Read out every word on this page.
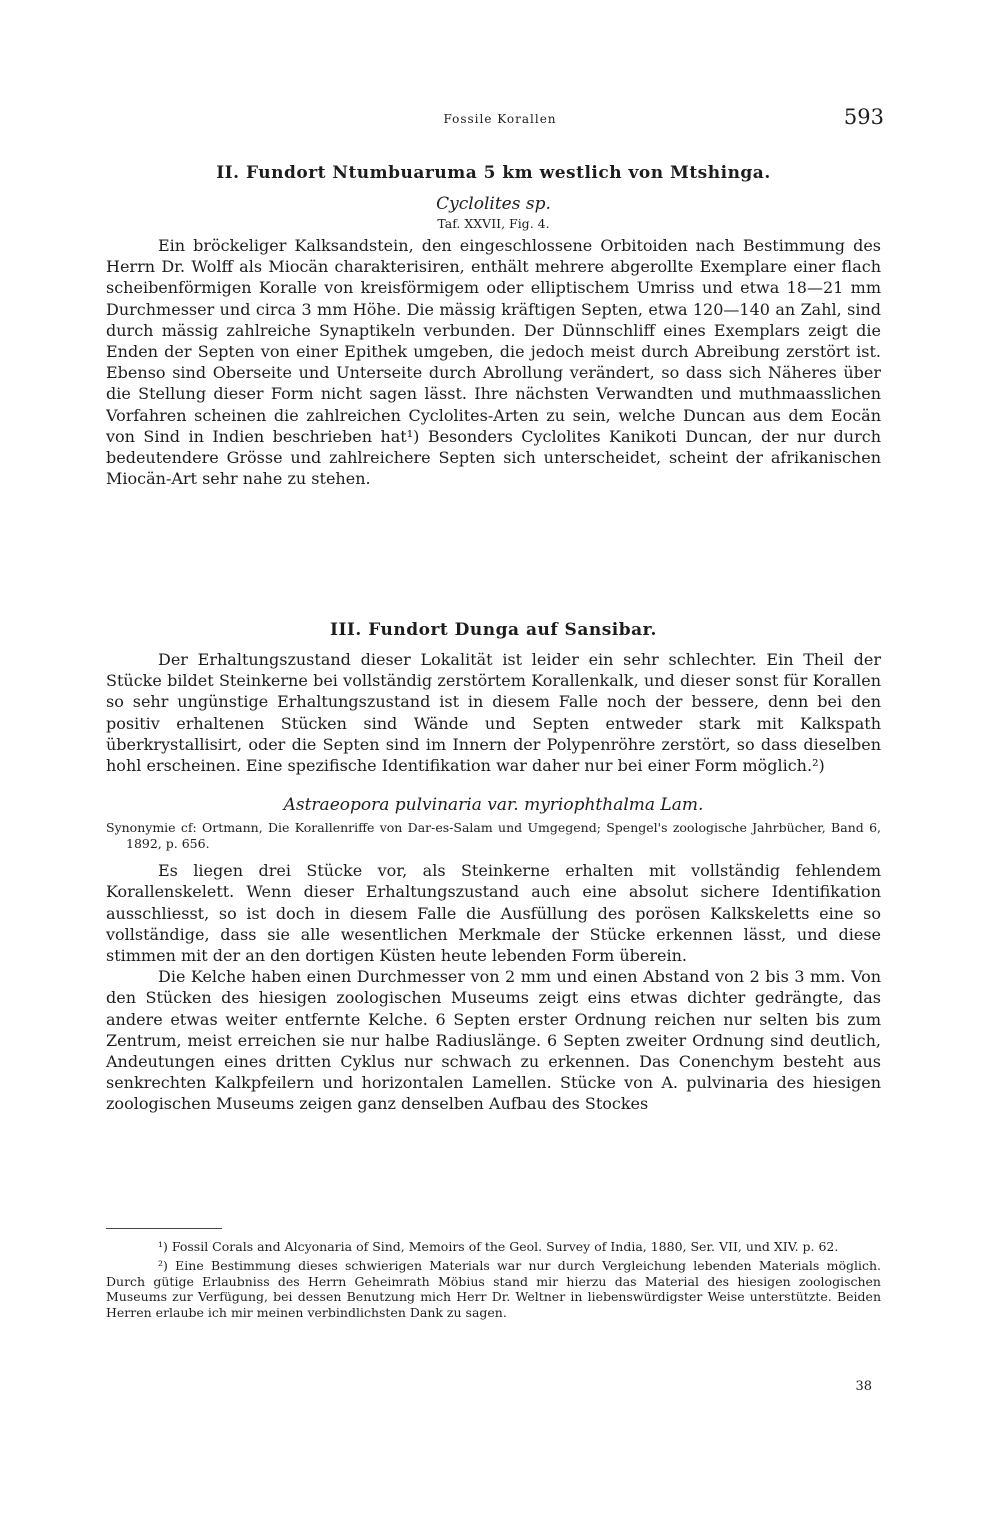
Fossile Korallen	593

II. Fundort Ntumbuaruma 5 km westlich von Mtshinga.

Cyclolites sp.

Taf. XXVII, Fig. 4.

Ein bröckeliger Kalksandstein, den eingeschlossene Orbitoiden nach Bestimmung des Herrn Dr. Wolff als Miocän charakterisiren, enthält mehrere abgerollte Exemplare einer flach scheibenförmigen Koralle von kreisförmigem oder elliptischem Umriss und etwa 18—21 mm Durchmesser und circa 3 mm Höhe. Die mässig kräftigen Septen, etwa 120—140 an Zahl, sind durch mässig zahlreiche Synaptikeln verbunden. Der Dünnschliff eines Exemplars zeigt die Enden der Septen von einer Epithek umgeben, die jedoch meist durch Abreibung zerstört ist. Ebenso sind Oberseite und Unterseite durch Abrollung verändert, so dass sich Näheres über die Stellung dieser Form nicht sagen lässt. Ihre nächsten Verwandten und muthmaasslichen Vorfahren scheinen die zahlreichen Cyclolites-Arten zu sein, welche Duncan aus dem Eocän von Sind in Indien beschrieben hat¹) Besonders Cyclolites Kanikoti Duncan, der nur durch bedeutendere Grösse und zahlreichere Septen sich unterscheidet, scheint der afrikanischen Miocän-Art sehr nahe zu stehen.

III. Fundort Dunga auf Sansibar.

Der Erhaltungszustand dieser Lokalität ist leider ein sehr schlechter. Ein Theil der Stücke bildet Steinkerne bei vollständig zerstörtem Korallenkalk, und dieser sonst für Korallen so sehr ungünstige Erhaltungszustand ist in diesem Falle noch der bessere, denn bei den positiv erhaltenen Stücken sind Wände und Septen entweder stark mit Kalkspath überkrystallisirt, oder die Septen sind im Innern der Polypenröhre zerstört, so dass dieselben hohl erscheinen. Eine spezifische Identifikation war daher nur bei einer Form möglich.²)

Astraeopora pulvinaria var. myriophthalma Lam.

Synonymie cf: Ortmann, Die Korallenriffe von Dar-es-Salam und Umgegend; Spengel's zoologische Jahrbücher, Band 6, 1892, p. 656.

Es liegen drei Stücke vor, als Steinkerne erhalten mit vollständig fehlendem Korallenskelett. Wenn dieser Erhaltungszustand auch eine absolut sichere Identifikation ausschliesst, so ist doch in diesem Falle die Ausfüllung des porösen Kalkskeletts eine so vollständige, dass sie alle wesentlichen Merkmale der Stücke erkennen lässt, und diese stimmen mit der an den dortigen Küsten heute lebenden Form überein.

Die Kelche haben einen Durchmesser von 2 mm und einen Abstand von 2 bis 3 mm. Von den Stücken des hiesigen zoologischen Museums zeigt eins etwas dichter gedrängte, das andere etwas weiter entfernte Kelche. 6 Septen erster Ordnung reichen nur selten bis zum Zentrum, meist erreichen sie nur halbe Radiuslänge. 6 Septen zweiter Ordnung sind deutlich, Andeutungen eines dritten Cyklus nur schwach zu erkennen. Das Conenchym besteht aus senkrechten Kalkpfeilern und horizontalen Lamellen. Stücke von A. pulvinaria des hiesigen zoologischen Museums zeigen ganz denselben Aufbau des Stockes

¹) Fossil Corals and Alcyonaria of Sind, Memoirs of the Geol. Survey of India, 1880, Ser. VII, und XIV. p. 62.

²) Eine Bestimmung dieses schwierigen Materials war nur durch Vergleichung lebenden Materials möglich. Durch gütige Erlaubniss des Herrn Geheimrath Möbius stand mir hierzu das Material des hiesigen zoologischen Museums zur Verfügung, bei dessen Benutzung mich Herr Dr. Weltner in liebenswürdigster Weise unterstützte. Beiden Herren erlaube ich mir meinen verbindlichsten Dank zu sagen.

38
